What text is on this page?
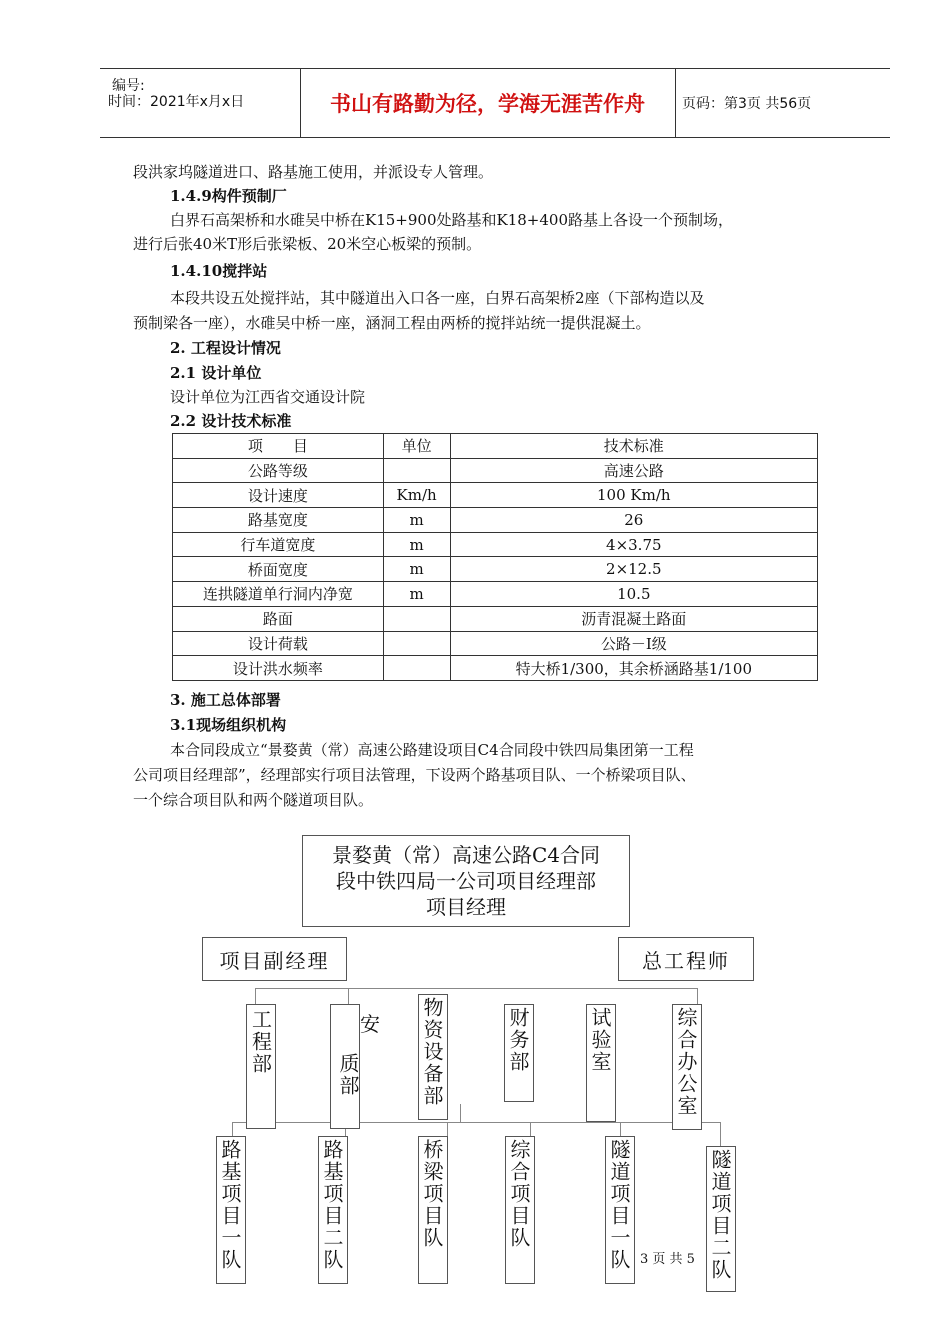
编号:
时间：2021年x月x日	书山有路勤为径，学海无涯苦作舟	页码：第3页 共56页
段洪家坞隧道进口、路基施工使用，并派设专人管理。
1.4.9构件预制厂
白界石高架桥和水碓吴中桥在K15+900处路基和K18+400路基上各设一个预制场，
进行后张40米T形后张梁板、20米空心板梁的预制。
1.4.10搅拌站
本段共设五处搅拌站，其中隧道出入口各一座，白界石高架桥2座（下部构造以及
预制梁各一座），水碓吴中桥一座，涵洞工程由两桥的搅拌站统一提供混凝土。
2. 工程设计情况
2.1 设计单位
设计单位为江西省交通设计院
2.2 设计技术标准
项　　目	单位	技术标准
公路等级		高速公路
设计速度	Km/h	100 Km/h
路基宽度	m	26
行车道宽度	m	4×3.75
桥面宽度	m	2×12.5
连拱隧道单行洞内净宽	m	10.5
路面		沥青混凝土路面
设计荷载		公路－Ⅰ级
设计洪水频率		特大桥1/300，其余桥涵路基1/100
3. 施工总体部署
3.1现场组织机构
本合同段成立“景婺黄（常）高速公路建设项目C4合同段中铁四局集团第一工程
公司项目经理部”，经理部实行项目法管理，下设两个路基项目队、一个桥梁项目队、
一个综合项目队和两个隧道项目队。
景婺黄（常）高速公路C4合同
段中铁四局一公司项目经理部
项目经理
项目副经理	总工程师
工程部	质部
安 物资设备部	财务部	试验室	综合办公室
路基项目一队	路基项目二队	桥梁项目队	综合项目队	隧道项目一队	隧道项目二队
3 页 共 5
